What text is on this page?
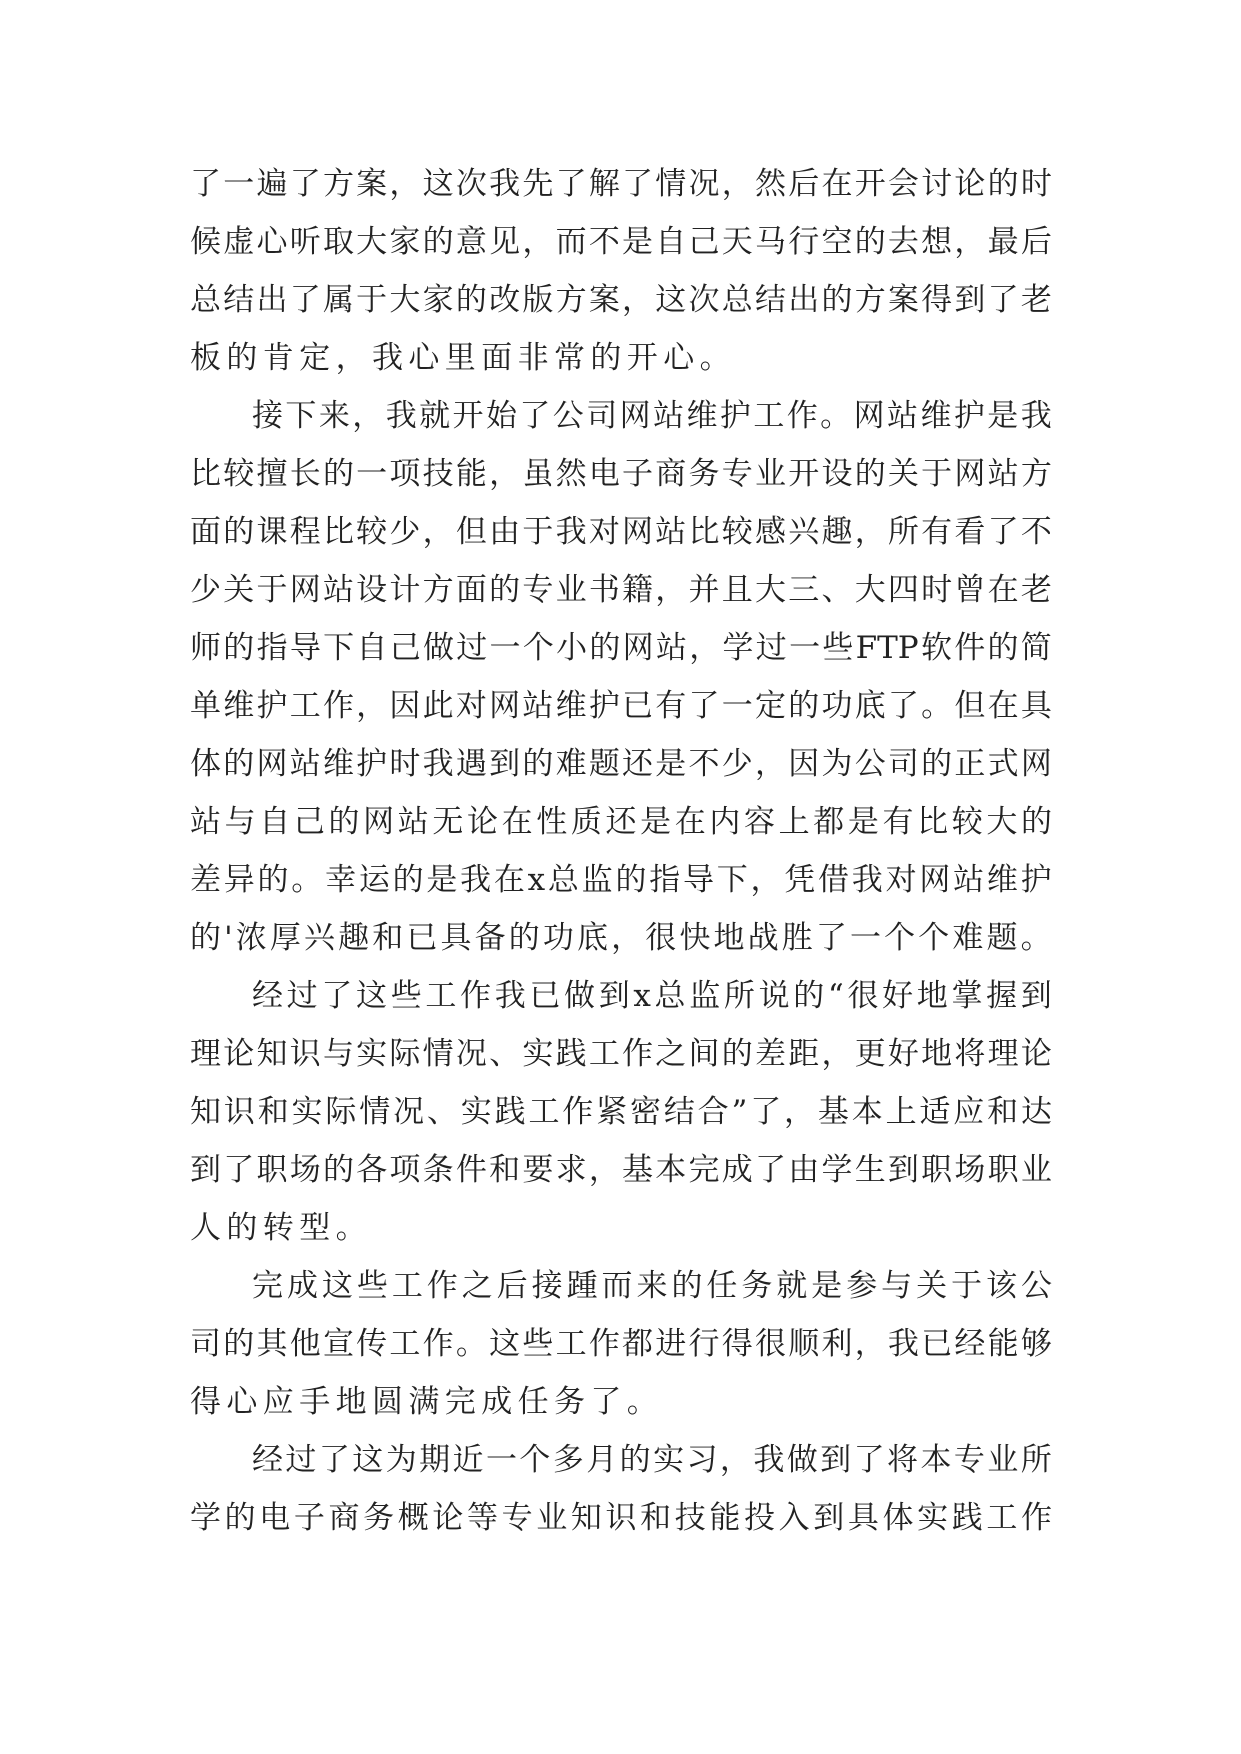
了 一 遍 了 方 案 ， 这 次 我 先 了 解 了 情 况 ， 然 后 在 开 会 讨 论 的 时
候 虚 心 听 取 大 家 的 意 见 ， 而 不 是 自 己 天 马 行 空 的 去 想 ， 最 后
总 结 出 了 属 于 大 家 的 改 版 方 案 ， 这 次 总 结 出 的 方 案 得 到 了 老
板的肯定，我心里面非常的开心。
接 下 来 ， 我 就 开 始 了 公 司 网 站 维 护 工 作 。 网 站 维 护 是 我
比 较 擅 长 的 一 项 技 能 ， 虽 然 电 子 商 务 专 业 开 设 的 关 于 网 站 方
面 的 课 程 比 较 少 ， 但 由 于 我 对 网 站 比 较 感 兴 趣 ， 所 有 看 了 不
少 关 于 网 站 设 计 方 面 的 专 业 书 籍 ， 并 且 大 三 、 大 四 时 曾 在 老
师 的 指 导 下 自 己 做 过 一 个 小 的 网 站 ， 学 过 一 些 FTP 软 件 的 简
单 维 护 工 作 ， 因 此 对 网 站 维 护 已 有 了 一 定 的 功 底 了 。 但 在 具
体 的 网 站 维 护 时 我 遇 到 的 难 题 还 是 不 少 ， 因 为 公 司 的 正 式 网
站 与 自 己 的 网 站 无 论 在 性 质 还 是 在 内 容 上 都 是 有 比 较 大 的
差 异 的 。 幸 运 的 是 我 在 x 总 监 的 指 导 下 ， 凭 借 我 对 网 站 维 护
的 ' 浓 厚 兴 趣 和 已 具 备 的 功 底 ， 很 快 地 战 胜 了 一 个 个 难 题 。
经 过 了 这 些 工 作 我 已 做 到 x 总 监 所 说 的 “ 很 好 地 掌 握 到
理 论 知 识 与 实 际 情 况 、 实 践 工 作 之 间 的 差 距 ， 更 好 地 将 理 论
知 识 和 实 际 情 况 、 实 践 工 作 紧 密 结 合 ” 了 ， 基 本 上 适 应 和 达
到 了 职 场 的 各 项 条 件 和 要 求 ， 基 本 完 成 了 由 学 生 到 职 场 职 业
人的转型。
完 成 这 些 工 作 之 后 接 踵 而 来 的 任 务 就 是 参 与 关 于 该 公
司 的 其 他 宣 传 工 作 。 这 些 工 作 都 进 行 得 很 顺 利 ， 我 已 经 能 够
得心应手地圆满完成任务了。
经 过 了 这 为 期 近 一 个 多 月 的 实 习 ， 我 做 到 了 将 本 专 业 所
学 的 电 子 商 务 概 论 等 专 业 知 识 和 技 能 投 入 到 具 体 实 践 工 作
